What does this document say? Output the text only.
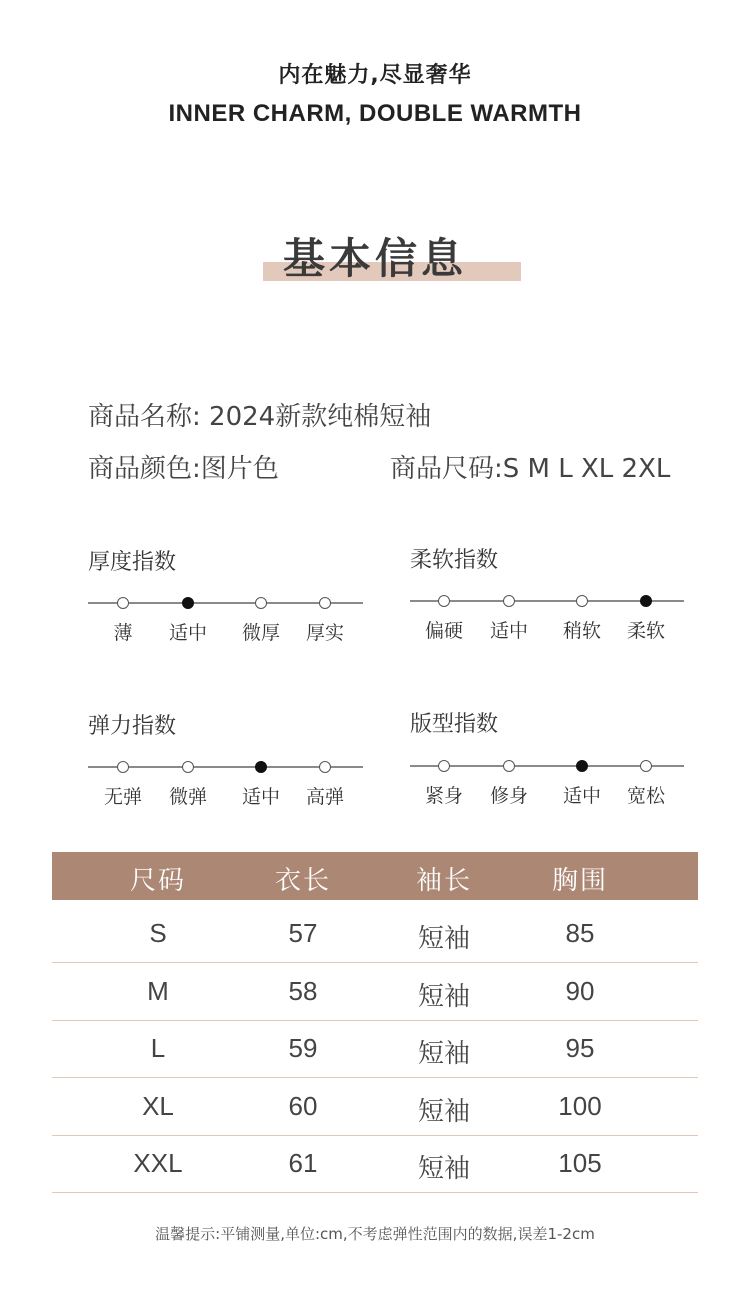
内在魅力,尽显奢华
INNER CHARM, DOUBLE WARMTH
基本信息
商品名称: 2024新款纯棉短袖
商品颜色:图片色	商品尺码:S M L XL 2XL
厚度指数
薄 适中 微厚 厚实
柔软指数
偏硬 适中 稍软 柔软
弹力指数
无弹 微弹 适中 高弹
版型指数
紧身 修身 适中 宽松
尺码	衣长	袖长	胸围
S	57	短袖	85
M	58	短袖	90
L	59	短袖	95
XL	60	短袖	100
XXL	61	短袖	105
温馨提示:平铺测量,单位:cm,不考虑弹性范围内的数据,误差1-2cm
